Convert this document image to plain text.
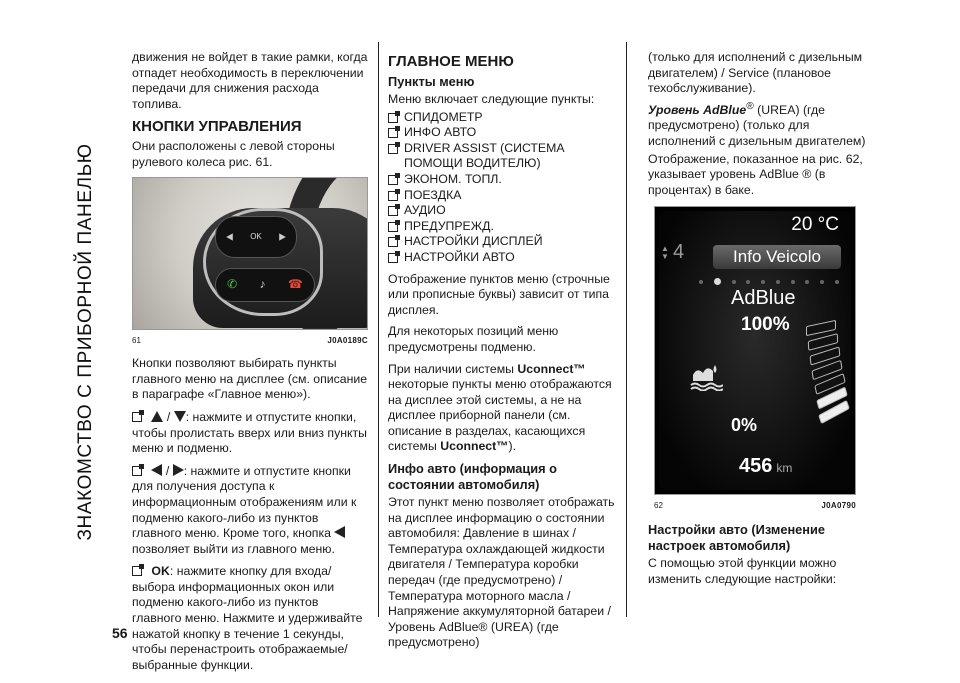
ЗНАКОМСТВО С ПРИБОРНОЙ ПАНЕЛЬЮ
56

движения не войдет в такие рамки, когда отпадет необходимость в переключении передачи для снижения расхода топлива.

КНОПКИ УПРАВЛЕНИЯ

Они расположены с левой стороны рулевого колеса рис. 61.

OK
✆ ♪ ☎
61	J0A0189C

Кнопки позволяют выбирать пункты главного меню на дисплее (см. описание в параграфе «Главное меню»).

/ : нажмите и отпустите кнопки, чтобы пролистать вверх или вниз пункты меню и подменю.

/ : нажмите и отпустите кнопки для получения доступа к информационным отображениям или к подменю какого-либо из пунктов главного меню. Кроме того, кнопка  позволяет выйти из главного меню.

OK: нажмите кнопку для входа/выбора информационных окон или подменю какого-либо из пунктов главного меню. Нажмите и удерживайте нажатой кнопку в течение 1 секунды, чтобы перенастроить отображаемые/ выбранные функции.

ГЛАВНОЕ МЕНЮ
Пункты меню

Меню включает следующие пункты:

СПИДОМЕТР
ИНФО АВТО
DRIVER ASSIST (СИСТЕМА ПОМОЩИ ВОДИТЕЛЮ)
ЭКОНОМ. ТОПЛ.
ПОЕЗДКА
АУДИО
ПРЕДУПРЕЖД.
НАСТРОЙКИ ДИСПЛЕЙ
НАСТРОЙКИ АВТО

Отображение пунктов меню (строчные или прописные буквы) зависит от типа дисплея.

Для некоторых позиций меню предусмотрены подменю.

При наличии системы Uconnect™ некоторые пункты меню отображаются на дисплее этой системы, а не на дисплее приборной панели (см. описание в разделах, касающихся системы Uconnect™).

Инфо авто (информация о состоянии автомобиля)

Этот пункт меню позволяет отображать на дисплее информацию о состоянии автомобиля: Давление в шинах / Температура охлаждающей жидкости двигателя / Температура коробки передач (где предусмотрено) / Температура моторного масла / Напряжение аккумуляторной батареи / Уровень AdBlue® (UREA) (где предусмотрено)

(только для исполнений с дизельным двигателем) / Service (плановое техобслуживание).

Уровень AdBlue® (UREA) (где предусмотрено) (только для исполнений с дизельным двигателем)

Отображение, показанное на рис. 62, указывает уровень AdBlue ® (в процентах) в баке.

20 °C
▲
▼ 4	Info Veicolo
AdBlue
100%
0%
456 km
62	J0A0790
Настройки авто (Изменение настроек автомобиля)

С помощью этой функции можно изменить следующие настройки:
